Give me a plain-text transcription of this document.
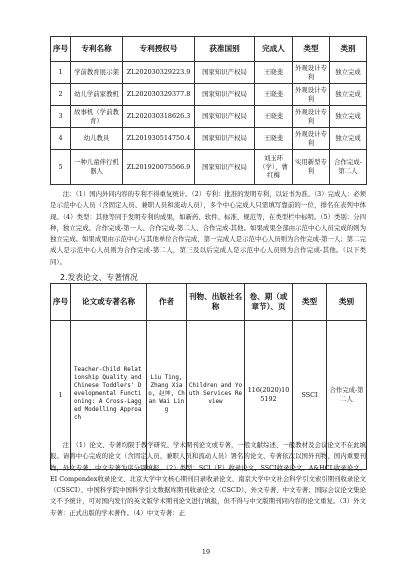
序号	专利名称	专利授权号	获准国别	完成人	类型	类别
1	学前教育展示架	ZL202030329223.9	国家知识产权局	王晓斐	外观设计专利	独立完成
2	幼儿学前家教机	ZL202030329377.8	国家知识产权局	王晓斐	外观设计专利	独立完成
3	故事机（学前教育）	ZL202030318626.3	国家知识产权局	王晓斐	外观设计专利	独立完成
4	幼儿教具	ZL201930514750.4	国家知识产权局	王晓斐	外观设计专利	独立完成
5	一种儿童伴行机器人	ZL201920075566.9	国家知识产权局	刘玉环（学），曹红梅	实用新型专利	合作完成-第二人

注：（1）国内外同内容的专利不得重复统计。（2）专利：批准的发明专利，以证书为准。（3）完成人：必须是示范中心人员（含固定人员、兼职人员和流动人员），多个中心完成人只需填写靠前的一位，排名在表列中体现。（4）类型：其他等同于发明专利的成果，如新药、软件、标准、规范等，在类型栏中标明。（5）类别：分四种，独立完成、合作完成-第一人、合作完成-第二人、合作完成-其他。如果成果全部由示范中心人员完成的则为独立完成。如果成果由示范中心与其他单位合作完成，第一完成人是示范中心人员则为合作完成-第一人；第二完成人是示范中心人员则为合作完成-第二人，第三及以后完成人是示范中心人员则为合作完成-其他。（以下类同）。

2.发表论文、专著情况
序号	论文或专著名称	作者	刊物、出版社名称	卷、期（或章节）、页	类型	类别
1	Teacher-Child Relationship Quality and Chinese Toddlers' Developmental Functioning: A Cross-Lagged Modelling Approach	Liu Ting, Zhang Xiao, 赵坤, Chan Wai Ling	Children and Youth Services Review	116(2020)105192	SSCI	合作完成-第二人

注：（1）论文、专著均限于教学研究、学术期刊论文或专著，一般文献综述、一般教材及会议论文不在此填报。请将中心完成的论文（含固定人员、兼职人员和流动人员）署名的论文、专著依次以国外刊物、国内重要刊物，外文专著、中文专著为序分别填报。（2）类型：SCI（E）收录论文、SSCI收录论文、A&HCL收录论文、EI Compendex收录论文、北京大学中文核心期刊目录收录论文、南京大学中文社会科学引文索引期刊收录论文（CSSCI）、中国科学院中国科学引文数据库期刊收录论文（CSCD）、外文专著、中文专著；国际会议论文集论文不予统计，可对国内发行的英文版学术期刊论文进行填报，但不得与中文版期刊同内容的论文重复。（3）外文专著：正式出版的学术著作。（4）中文专著：正

19
